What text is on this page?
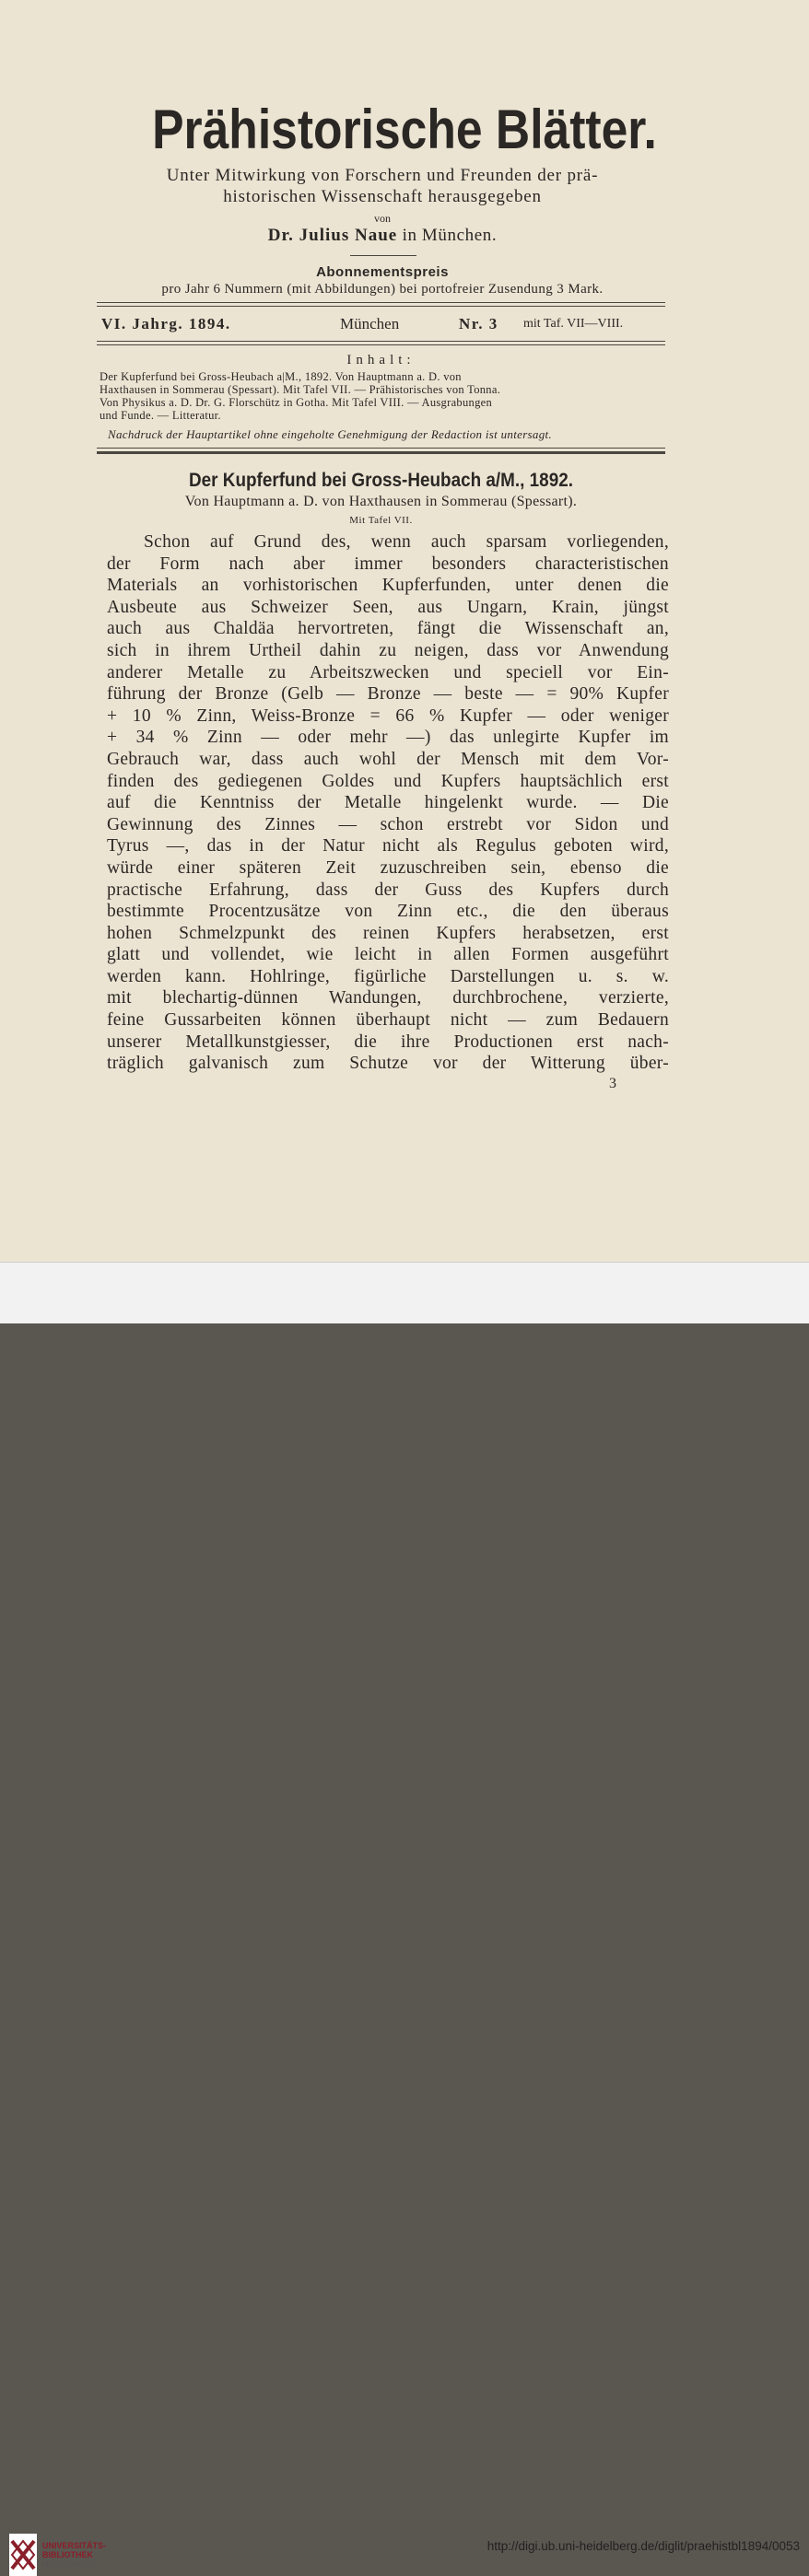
Prähistorische Blätter.
Unter Mitwirkung von Forschern und Freunden der prä-
historischen Wissenschaft herausgegeben
von
Dr. Julius Naue in München.
Abonnementspreis
pro Jahr 6 Nummern (mit Abbildungen) bei portofreier Zusendung 3 Mark.
VI. Jahrg. 1894.	München	Nr. 3 mit Taf. VII—VIII.
Inhalt:
Der Kupferfund bei Gross-Heubach a|M., 1892. Von Hauptmann a. D. von
Haxthausen in Sommerau (Spessart). Mit Tafel VII. — Prähistorisches von Tonna.
Von Physikus a. D. Dr. G. Florschütz in Gotha. Mit Tafel VIII. — Ausgrabungen
und Funde. — Litteratur.
Nachdruck der Hauptartikel ohne eingeholte Genehmigung der Redaction ist untersagt.
Der Kupferfund bei Gross-Heubach a/M., 1892.
Von Hauptmann a. D. von Haxthausen in Sommerau (Spessart).
Mit Tafel VII.
Schon auf Grund des, wenn auch sparsam vorliegenden,
der Form nach aber immer besonders characteristischen
Materials an vorhistorischen Kupferfunden, unter denen die
Ausbeute aus Schweizer Seen, aus Ungarn, Krain, jüngst
auch aus Chaldäa hervortreten, fängt die Wissenschaft an,
sich in ihrem Urtheil dahin zu neigen, dass vor Anwendung
anderer Metalle zu Arbeitszwecken und speciell vor Ein-
führung der Bronze (Gelb — Bronze — beste — = 90% Kupfer
+ 10 % Zinn, Weiss-Bronze = 66 % Kupfer — oder weniger
+ 34 % Zinn — oder mehr —) das unlegirte Kupfer im
Gebrauch war, dass auch wohl der Mensch mit dem Vor-
finden des gediegenen Goldes und Kupfers hauptsächlich erst
auf die Kenntniss der Metalle hingelenkt wurde. — Die
Gewinnung des Zinnes — schon erstrebt vor Sidon und
Tyrus —, das in der Natur nicht als Regulus geboten wird,
würde einer späteren Zeit zuzuschreiben sein, ebenso die
practische Erfahrung, dass der Guss des Kupfers durch
bestimmte Procentzusätze von Zinn etc., die den überaus
hohen Schmelzpunkt des reinen Kupfers herabsetzen, erst
glatt und vollendet, wie leicht in allen Formen ausgeführt
werden kann. Hohlringe, figürliche Darstellungen u. s. w.
mit blechartig-dünnen Wandungen, durchbrochene, verzierte,
feine Gussarbeiten können überhaupt nicht — zum Bedauern
unserer Metallkunstgiesser, die ihre Productionen erst nach-
träglich galvanisch zum Schutze vor der Witterung über-
3
UNIVERSITÄTS-
BIBLIOTHEK
HEIDELBERG
http://digi.ub.uni-heidelberg.de/diglit/praehistbl1894/0053
